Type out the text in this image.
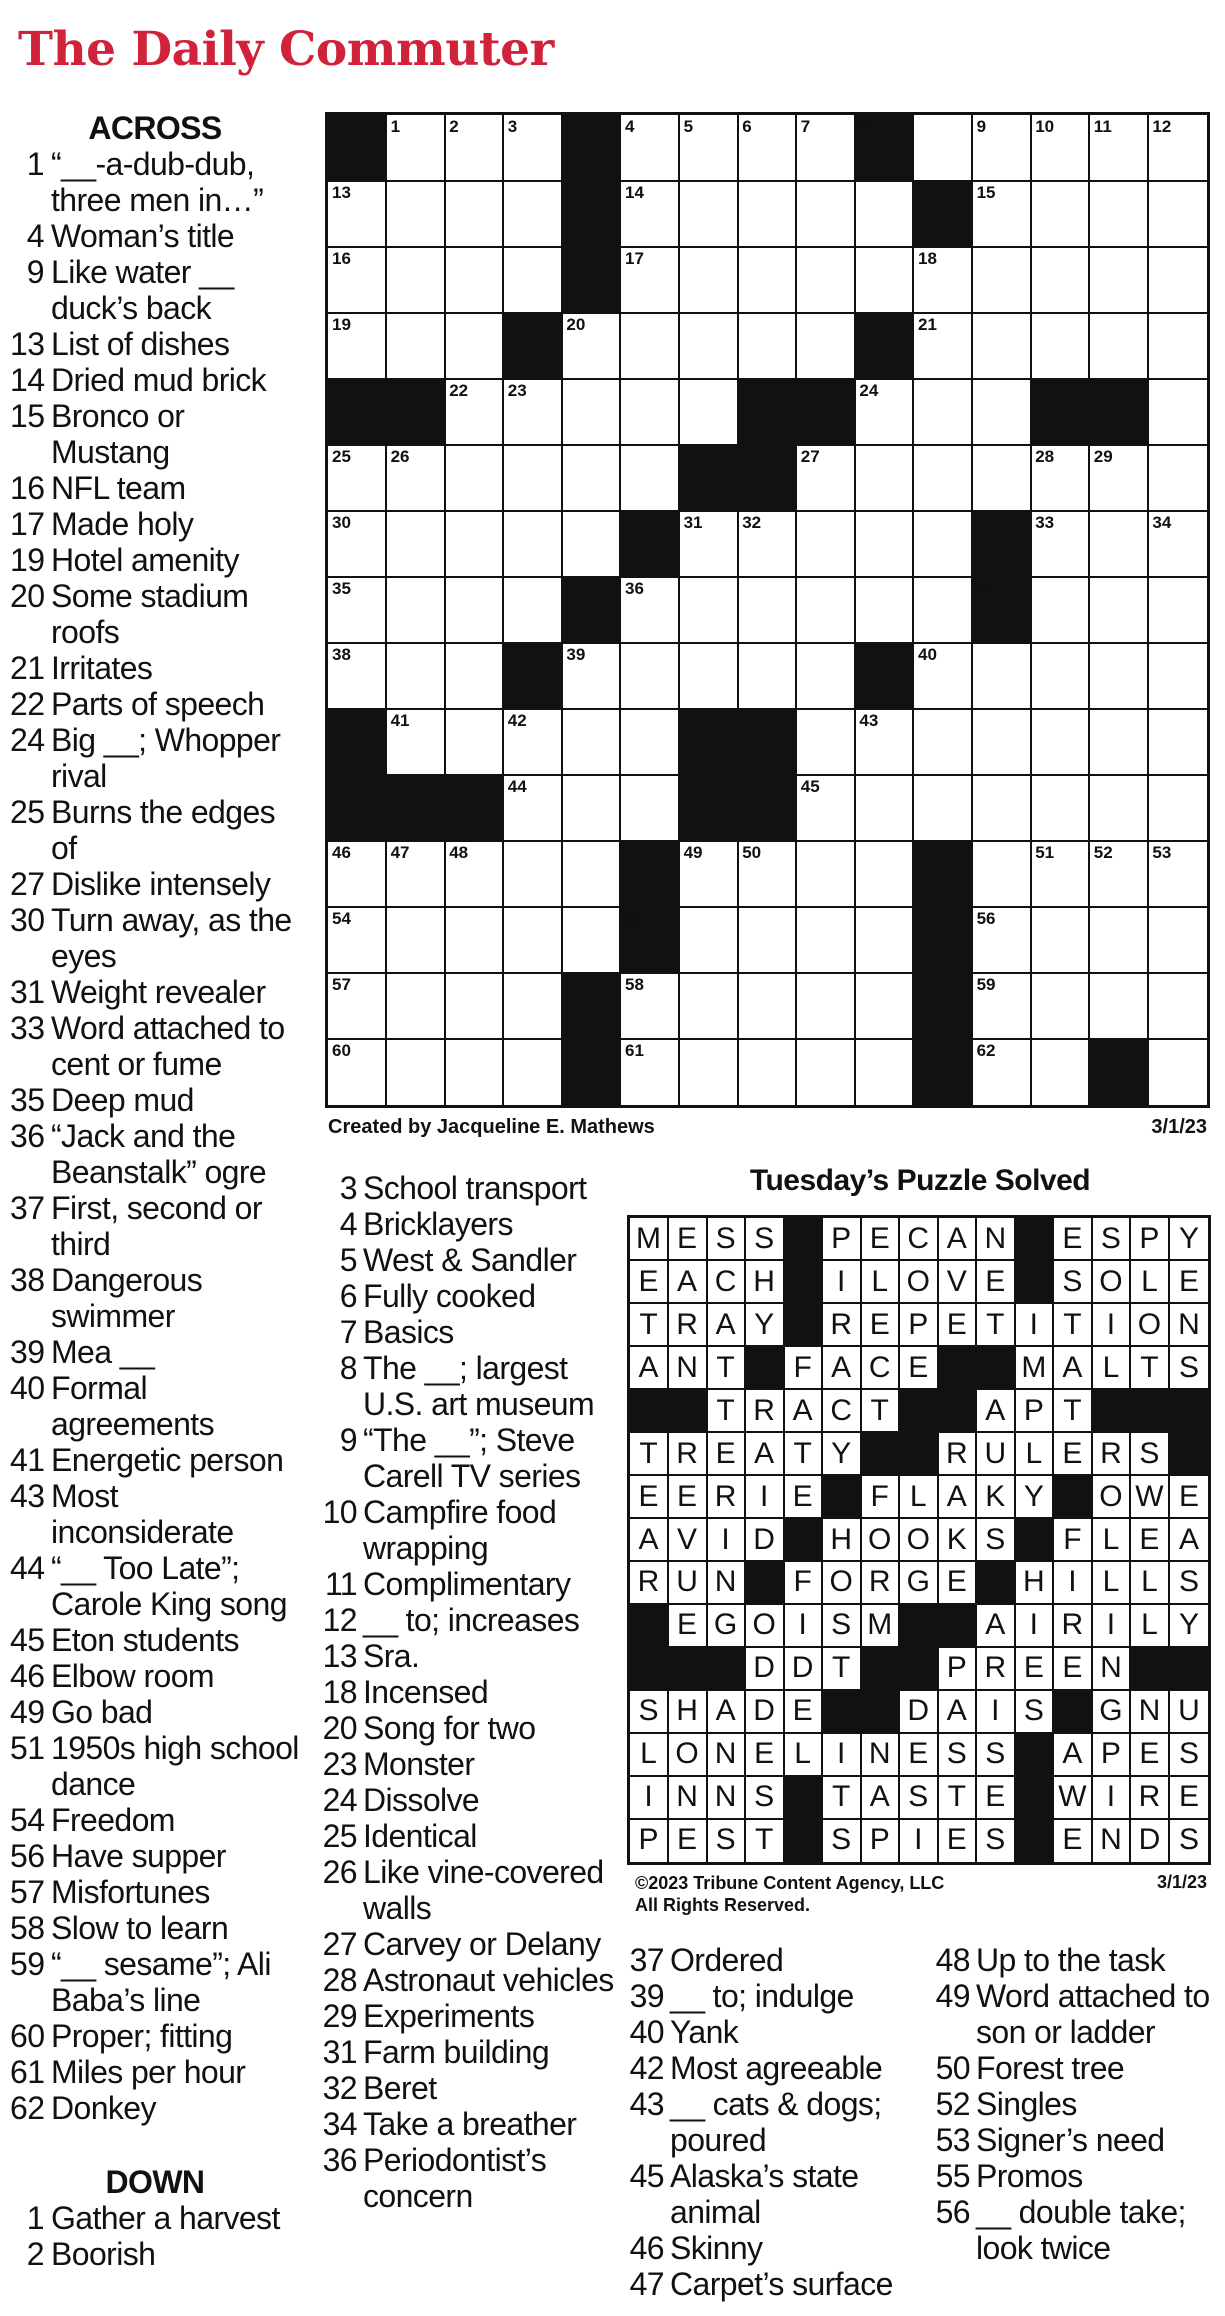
The Daily Commuter
ACROSS
1 “__-a-dub-dub, three men in…”
4 Woman’s title
9 Like water __ duck’s back
13 List of dishes
14 Dried mud brick
15 Bronco or Mustang
16 NFL team
17 Made holy
19 Hotel amenity
20 Some stadium roofs
21 Irritates
22 Parts of speech
24 Big __; Whopper rival
25 Burns the edges of
27 Dislike intensely
30 Turn away, as the eyes
31 Weight revealer
33 Word attached to cent or fume
35 Deep mud
36 “Jack and the Beanstalk” ogre
37 First, second or third
38 Dangerous swimmer
39 Mea __
40 Formal agreements
41 Energetic person
43 Most inconsiderate
44 “__ Too Late”; Carole King song
45 Eton students
46 Elbow room
49 Go bad
51 1950s high school dance
54 Freedom
56 Have supper
57 Misfortunes
58 Slow to learn
59 “__ sesame”; Ali Baba’s line
60 Proper; fitting
61 Miles per hour
62 Donkey
DOWN
1 Gather a harvest
2 Boorish
3 School transport
4 Bricklayers
5 West & Sandler
6 Fully cooked
7 Basics
8 The __; largest U.S. art museum
9 “The __”; Steve Carell TV series
10 Campfire food wrapping
11 Complimentary
12 __ to; increases
13 Sra.
18 Incensed
20 Song for two
23 Monster
24 Dissolve
25 Identical
26 Like vine-covered walls
27 Carvey or Delany
28 Astronaut vehicles
29 Experiments
31 Farm building
32 Beret
34 Take a breather
36 Periodontist’s concern
37 Ordered
39 __ to; indulge
40 Yank
42 Most agreeable
43 __ cats & dogs; poured
45 Alaska’s state animal
46 Skinny
47 Carpet’s surface
48 Up to the task
49 Word attached to son or ladder
50 Forest tree
52 Singles
53 Signer’s need
55 Promos
56 __ double take; look twice
1	2	3	4	5	6	7	8	9	10 11 12
13	14	15
16	17	18
19	20	21
22 23	24
25 26	27	28 29
30	31 32	33	34
35	36	37
38	39	40
41	42	43
44	45
46 47 48	49 50	51 52 53
54	55	56
57	58	59
60	61	62
Created by Jacqueline E. Mathews	3/1/23
Tuesday’s Puzzle Solved
M E S S	P E C A N	E S P Y
E A C H	I L O V E	S O L E
T R A Y	R E P E T I T I O N
A N T	F A C E	M A L T S
T R A C T	A P T
T R E A T Y	R U L E R S
E E R I E	F L A K Y	O W E
A V I D	H O O K S	F L E A
R U N	F O R G E	H I L L S
E G O I S M	A I R I L Y
D D T	P R E E N
S H A D E	D A I S	G N U
L O N E L I N E S S	A P E S
I N N S	T A S T E	W I R E
P E S T	S P I E S	E N D S
©2023 Tribune Content Agency, LLC
All Rights Reserved.
3/1/23
